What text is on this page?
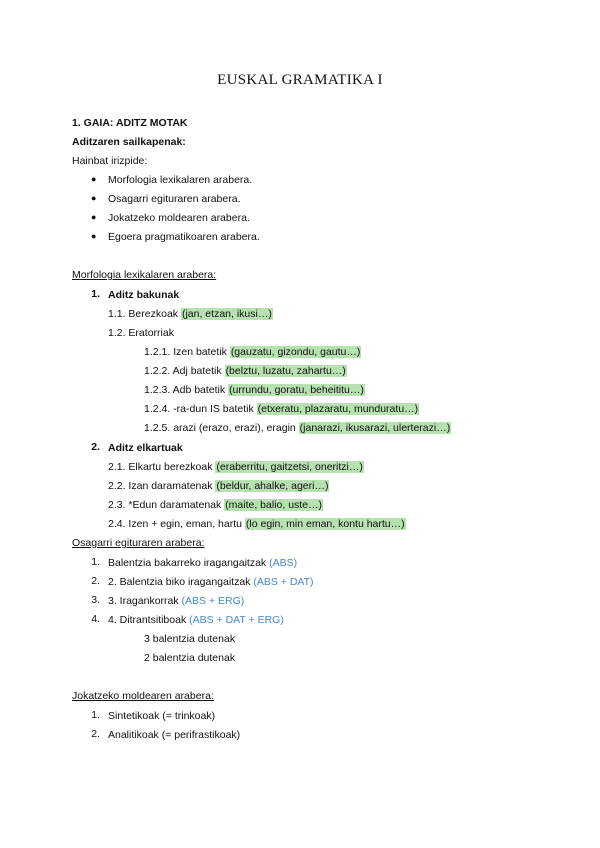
EUSKAL GRAMATIKA I
1. GAIA: ADITZ MOTAK
Aditzaren sailkapenak:
Hainbat irizpide:
● Morfologia lexikalaren arabera.
● Osagarri egituraren arabera.
● Jokatzeko moldearen arabera.
● Egoera pragmatikoaren arabera.
Morfologia lexikalaren arabera:
1. Aditz bakunak
1.1. Berezkoak (jan, etzan, ikusi…)
1.2. Eratorriak
1.2.1. Izen batetik (gauzatu, gizondu, gautu…)
1.2.2. Adj batetik (belztu, luzatu, zahartu…)
1.2.3. Adb batetik (urrundu, goratu, beheititu…)
1.2.4. -ra-dun IS batetik (etxeratu, plazaratu, munduratu…)
1.2.5. arazi (erazo, erazi), eragin (janarazi, ikusarazi, ulerterazi…)
2. Aditz elkartuak
2.1. Elkartu berezkoak (eraberritu, gaitzetsi, oneritzi…)
2.2. Izan daramatenak (beldur, ahalke, ageri…)
2.3. *Edun daramatenak (maite, balio, uste…)
2.4. Izen + egin, eman, hartu (lo egin, min eman, kontu hartu…)
Osagarri egituraren arabera:
1. Balentzia bakarreko iragangaitzak (ABS)
2. 2. Balentzia biko iragangaitzak (ABS + DAT)
3. 3. Iragankorrak (ABS + ERG)
4. 4. Ditrantsitiboak (ABS + DAT + ERG)
3 balentzia dutenak
2 balentzia dutenak
Jokatzeko moldearen arabera:
1. Sintetikoak (= trinkoak)
2. Analitikoak (= perifrastikoak)
